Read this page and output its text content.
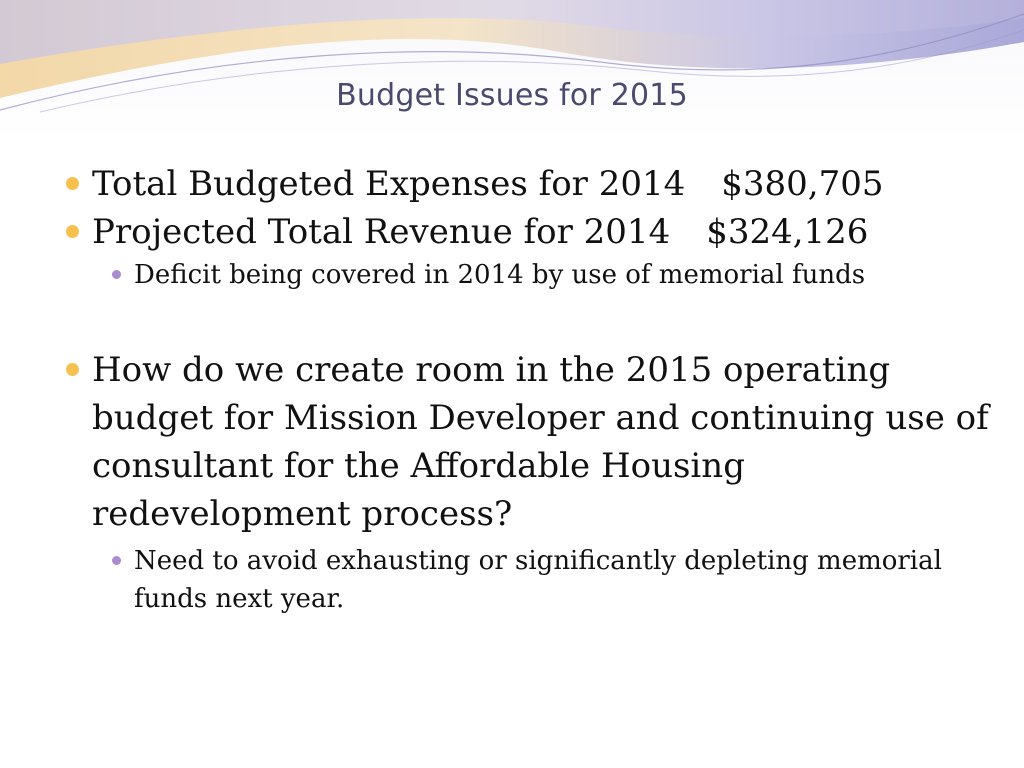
Budget Issues for 2015
Total Budgeted Expenses for 2014 $380,705
Projected Total Revenue for 2014 $324,126
Deficit being covered in 2014 by use of memorial funds
How do we create room in the 2015 operating budget for Mission Developer and continuing use of consultant for the Affordable Housing redevelopment process?
Need to avoid exhausting or significantly depleting memorial funds next year.
